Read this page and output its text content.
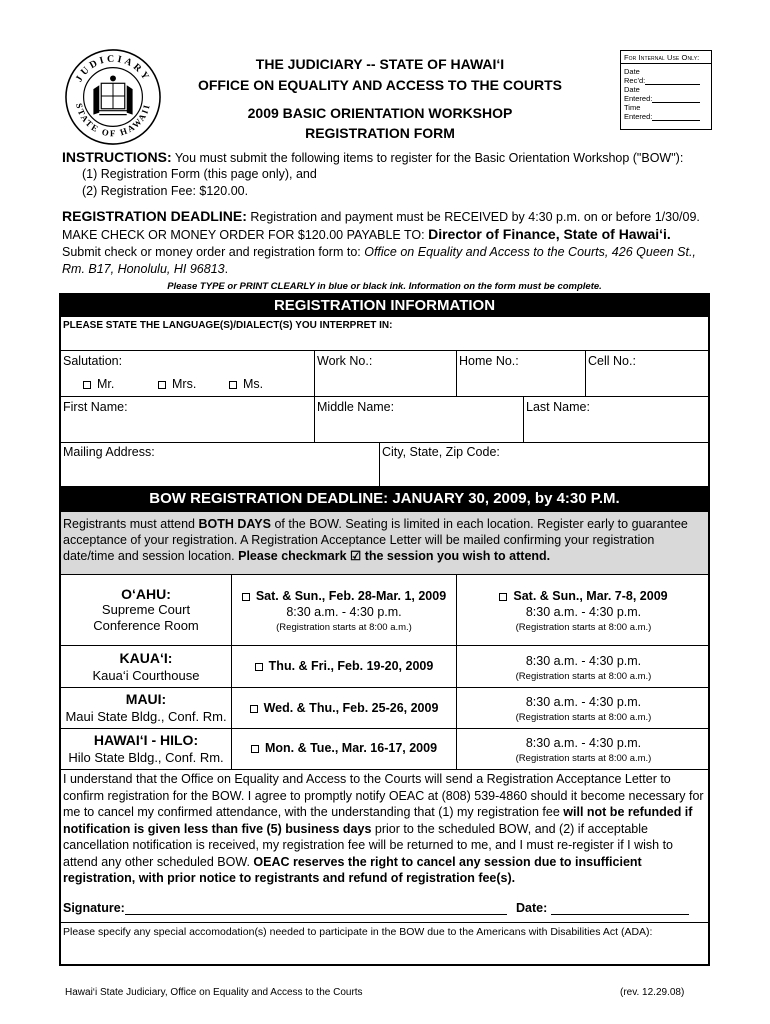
JUDICIARY
STATE OF HAWAII
THE JUDICIARY -- STATE OF HAWAI‘I
OFFICE ON EQUALITY AND ACCESS TO THE COURTS
2009 BASIC ORIENTATION WORKSHOP
REGISTRATION FORM
For Internal Use Only:
Date
Rec’d:
Date
Entered:
Time
Entered:
INSTRUCTIONS: You must submit the following items to register for the Basic Orientation Workshop ("BOW"):
(1) Registration Form (this page only), and
(2) Registration Fee: $120.00.
REGISTRATION DEADLINE: Registration and payment must be RECEIVED by 4:30 p.m. on or before 1/30/09.
MAKE CHECK OR MONEY ORDER FOR $120.00 PAYABLE TO: Director of Finance, State of Hawai‘i.
Submit check or money order and registration form to: Office on Equality and Access to the Courts, 426 Queen St.,
Rm. B17, Honolulu, HI 96813.
Please TYPE or PRINT CLEARLY in blue or black ink. Information on the form must be complete.
REGISTRATION INFORMATION
PLEASE STATE THE LANGUAGE(S)/DIALECT(S) YOU INTERPRET IN:
Salutation:
Mr.	Mrs.	Ms.
Work No.:	Home No.:	Cell No.:
First Name:	Middle Name:	Last Name:
Mailing Address:	City, State, Zip Code:
BOW REGISTRATION DEADLINE: JANUARY 30, 2009, by 4:30 P.M.
Registrants must attend BOTH DAYS of the BOW. Seating is limited in each location. Register early to guarantee
acceptance of your registration. A Registration Acceptance Letter will be mailed confirming your registration
date/time and session location. Please checkmark ☑ the session you wish to attend.
O‘AHU:
Supreme Court
Conference Room
Sat. & Sun., Feb. 28-Mar. 1, 2009
8:30 a.m. - 4:30 p.m.
(Registration starts at 8:00 a.m.)
Sat. & Sun., Mar. 7-8, 2009
8:30 a.m. - 4:30 p.m.
(Registration starts at 8:00 a.m.)
KAUA‘I:
Kaua‘i Courthouse
Thu. & Fri., Feb. 19-20, 2009	8:30 a.m. - 4:30 p.m.
(Registration starts at 8:00 a.m.)
MAUI:
Maui State Bldg., Conf. Rm.
Wed. & Thu., Feb. 25-26, 2009	8:30 a.m. - 4:30 p.m.
(Registration starts at 8:00 a.m.)
HAWAI‘I - HILO:
Hilo State Bldg., Conf. Rm.
Mon. & Tue., Mar. 16-17, 2009	8:30 a.m. - 4:30 p.m.
(Registration starts at 8:00 a.m.)
I understand that the Office on Equality and Access to the Courts will send a Registration Acceptance Letter to
confirm registration for the BOW. I agree to promptly notify OEAC at (808) 539-4860 should it become necessary for
me to cancel my confirmed attendance, with the understanding that (1) my registration fee will not be refunded if
notification is given less than five (5) business days prior to the scheduled BOW, and (2) if acceptable
cancellation notification is received, my registration fee will be returned to me, and I must re-register if I wish to
attend any other scheduled BOW. OEAC reserves the right to cancel any session due to insufficient
registration, with prior notice to registrants and refund of registration fee(s).
Signature:	Date:
Please specify any special accomodation(s) needed to participate in the BOW due to the Americans with Disabilities Act (ADA):
Hawai‘i State Judiciary, Office on Equality and Access to the Courts	(rev. 12.29.08)
